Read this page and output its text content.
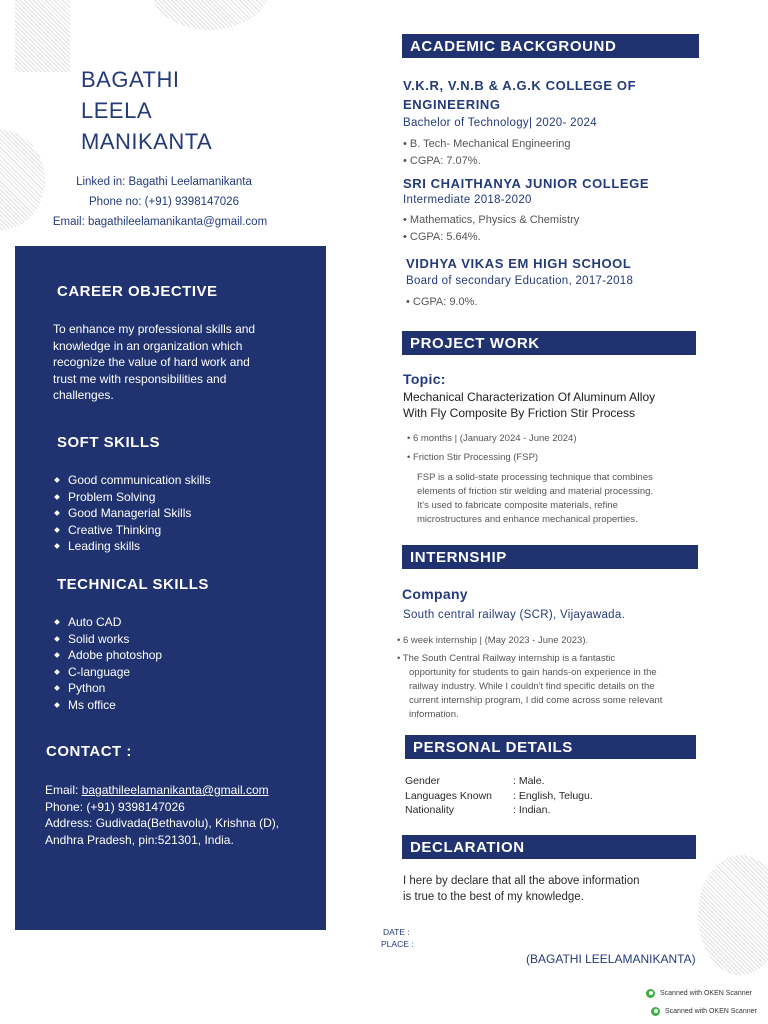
BAGATHI
LEELA
MANIKANTA
Linked in: Bagathi Leelamanikanta
Phone no: (+91) 9398147026
Email: bagathileelamanikanta@gmail.com
CAREER OBJECTIVE
To enhance my professional skills and
knowledge in an organization which
recognize the value of hard work and
trust me with responsibilities and
challenges.
SOFT SKILLS
Good communication skills
Problem Solving
Good Managerial Skills
Creative Thinking
Leading skills
TECHNICAL SKILLS
Auto CAD
Solid works
Adobe photoshop
C-language
Python
Ms office
CONTACT :
Email: bagathileelamanikanta@gmail.com
Phone: (+91) 9398147026
Address: Gudivada(Bethavolu), Krishna (D),
Andhra Pradesh, pin:521301, India.
ACADEMIC BACKGROUND
V.K.R, V.N.B & A.G.K COLLEGE OF
ENGINEERING
Bachelor of Technology| 2020- 2024
• B. Tech- Mechanical Engineering
• CGPA: 7.07%.
SRI CHAITHANYA JUNIOR COLLEGE
Intermediate 2018-2020
• Mathematics, Physics & Chemistry
• CGPA: 5.64%.
VIDHYA VIKAS EM HIGH SCHOOL
Board of secondary Education, 2017-2018
• CGPA: 9.0%.
PROJECT WORK
Topic:
Mechanical Characterization Of Aluminum Alloy
With Fly Composite By Friction Stir Process
• 6 months | (January 2024 - June 2024)
• Friction Stir Processing (FSP)
FSP is a solid-state processing technique that combines
elements of friction stir welding and material processing.
It's used to fabricate composite materials, refine
microstructures and enhance mechanical properties.
INTERNSHIP
Company
South central railway (SCR), Vijayawada.
• 6 week internship | (May 2023 - June 2023).
• The South Central Railway internship is a fantastic
opportunity for students to gain hands-on experience in the
railway industry. While I couldn't find specific details on the
current internship program, I did come across some relevant
information.
PERSONAL DETAILS
Gender	: Male.
Languages Known	: English, Telugu.
Nationality	: Indian.
DECLARATION
I here by declare that all the above information
is true to the best of my knowledge.
DATE :
PLACE :
(BAGATHI LEELAMANIKANTA)
Scanned with OKEN Scanner
Scanned with OKEN Scanner
